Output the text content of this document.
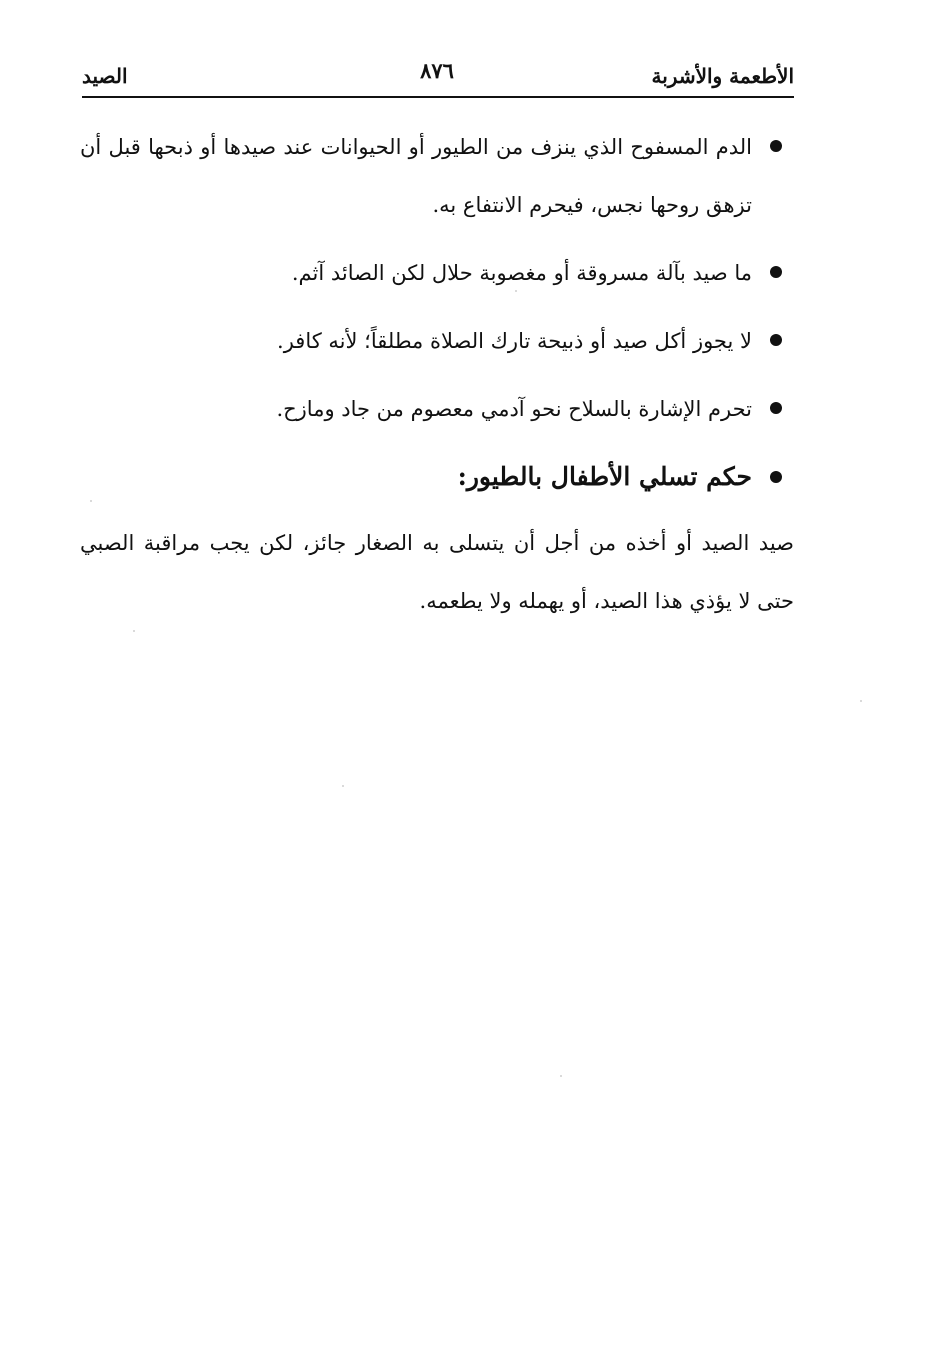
الأطعمة والأشربة
٨٧٦
الصيد
الدم المسفوح الذي ينزف من الطيور أو الحيوانات عند صيدها أو ذبحها قبل أن تزهق روحها نجس، فيحرم الانتفاع به.
ما صيد بآلة مسروقة أو مغصوبة حلال لكن الصائد آثم.
لا يجوز أكل صيد أو ذبيحة تارك الصلاة مطلقاً؛ لأنه كافر.
تحرم الإشارة بالسلاح نحو آدمي معصوم من جاد ومازح.
حكم تسلي الأطفال بالطيور:
صيد الصيد أو أخذه من أجل أن يتسلى به الصغار جائز، لكن يجب مراقبة الصبي حتى لا يؤذي هذا الصيد، أو يهمله ولا يطعمه.
